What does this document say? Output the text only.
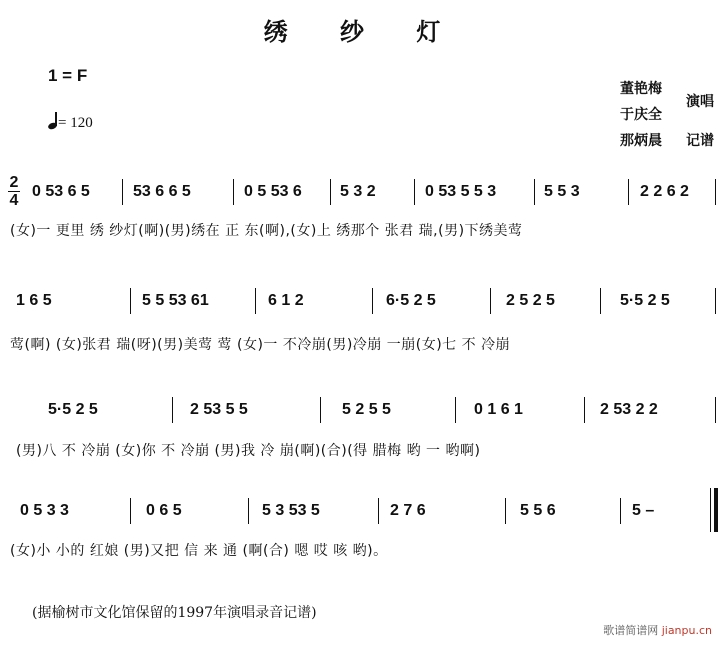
绣 纱 灯
1 = F
= 120
董艳梅
于庆全
演唱
那炳晨 记谱
2
4
0 53 6 5	53 6 6 5	0 5 53 6 5 3 2	0 53 5 5 3	5 5 3	2 2 6 2
(女)一 更里 绣 纱灯(啊)(男)绣在 正 东(啊),(女)上 绣那个 张君 瑞,(男)下绣美莺
1 6 5	5 5 53 61	6 1 2	6·5 2 5	2 5 2 5	5·5 2 5
莺(啊) (女)张君 瑞(呀)(男)美莺 莺 (女)一 不冷崩(男)冷崩 一崩(女)七 不 冷崩
5·5 2 5	2 53 5 5	5 2 5 5	0 1 6 1	2 53 2 2
(男)八 不 冷崩 (女)你 不 冷崩 (男)我 冷 崩(啊)(合)(得 腊梅 哟 一 哟啊)
0 5 3 3	0 6 5	5 3 53 5	2 7 6	5 5 6	5 –
(女)小 小的 红娘 (男)又把 信 来 通 (啊(合) 嗯 哎 咳 哟)。
(据榆树市文化馆保留的1997年演唱录音记谱)
歌谱简谱网 jianpu.cn
